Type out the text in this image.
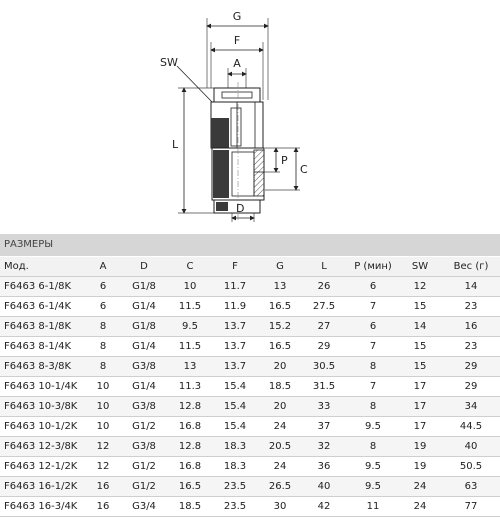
G
F
A
SW
L
P
C
D
РАЗМЕРЫ
Мод.	A	D	C	F	G	L	P (мин)	SW	Вес (г)
F6463 6-1/8K	6	G1/8	10	11.7	13	26	6	12	14
F6463 6-1/4K	6	G1/4	11.5	11.9	16.5	27.5	7	15	23
F6463 8-1/8K	8	G1/8	9.5	13.7	15.2	27	6	14	16
F6463 8-1/4K	8	G1/4	11.5	13.7	16.5	29	7	15	23
F6463 8-3/8K	8	G3/8	13	13.7	20	30.5	8	15	29
F6463 10-1/4K	10	G1/4	11.3	15.4	18.5	31.5	7	17	29
F6463 10-3/8K	10	G3/8	12.8	15.4	20	33	8	17	34
F6463 10-1/2K	10	G1/2	16.8	15.4	24	37	9.5	17	44.5
F6463 12-3/8K	12	G3/8	12.8	18.3	20.5	32	8	19	40
F6463 12-1/2K	12	G1/2	16.8	18.3	24	36	9.5	19	50.5
F6463 16-1/2K	16	G1/2	16.5	23.5	26.5	40	9.5	24	63
F6463 16-3/4K	16	G3/4	18.5	23.5	30	42	11	24	77
